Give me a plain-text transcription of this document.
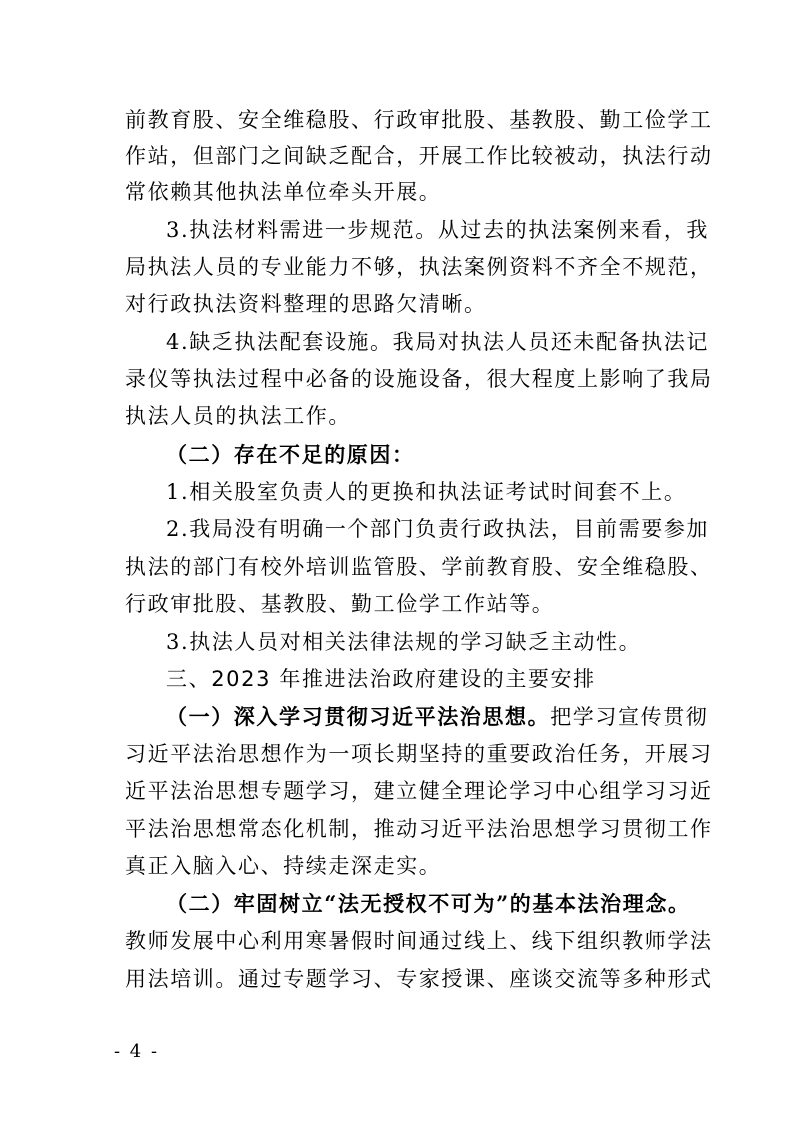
前教育股、安全维稳股、行政审批股、基教股、勤工俭学工
作站，但部门之间缺乏配合，开展工作比较被动，执法行动
常依赖其他执法单位牵头开展。
3.执法材料需进一步规范。从过去的执法案例来看，我
局执法人员的专业能力不够，执法案例资料不齐全不规范，
对行政执法资料整理的思路欠清晰。
4.缺乏执法配套设施。我局对执法人员还未配备执法记
录仪等执法过程中必备的设施设备，很大程度上影响了我局
执法人员的执法工作。
（二）存在不足的原因：
1.相关股室负责人的更换和执法证考试时间套不上。
2.我局没有明确一个部门负责行政执法，目前需要参加
执法的部门有校外培训监管股、学前教育股、安全维稳股、
行政审批股、基教股、勤工俭学工作站等。
3.执法人员对相关法律法规的学习缺乏主动性。
三、2023 年推进法治政府建设的主要安排
（一）深入学习贯彻习近平法治思想。把学习宣传贯彻
习近平法治思想作为一项长期坚持的重要政治任务，开展习
近平法治思想专题学习，建立健全理论学习中心组学习习近
平法治思想常态化机制，推动习近平法治思想学习贯彻工作
真正入脑入心、持续走深走实。
（二）牢固树立“法无授权不可为”的基本法治理念。
教师发展中心利用寒暑假时间通过线上、线下组织教师学法
用法培训。通过专题学习、专家授课、座谈交流等多种形式
- 4 -
